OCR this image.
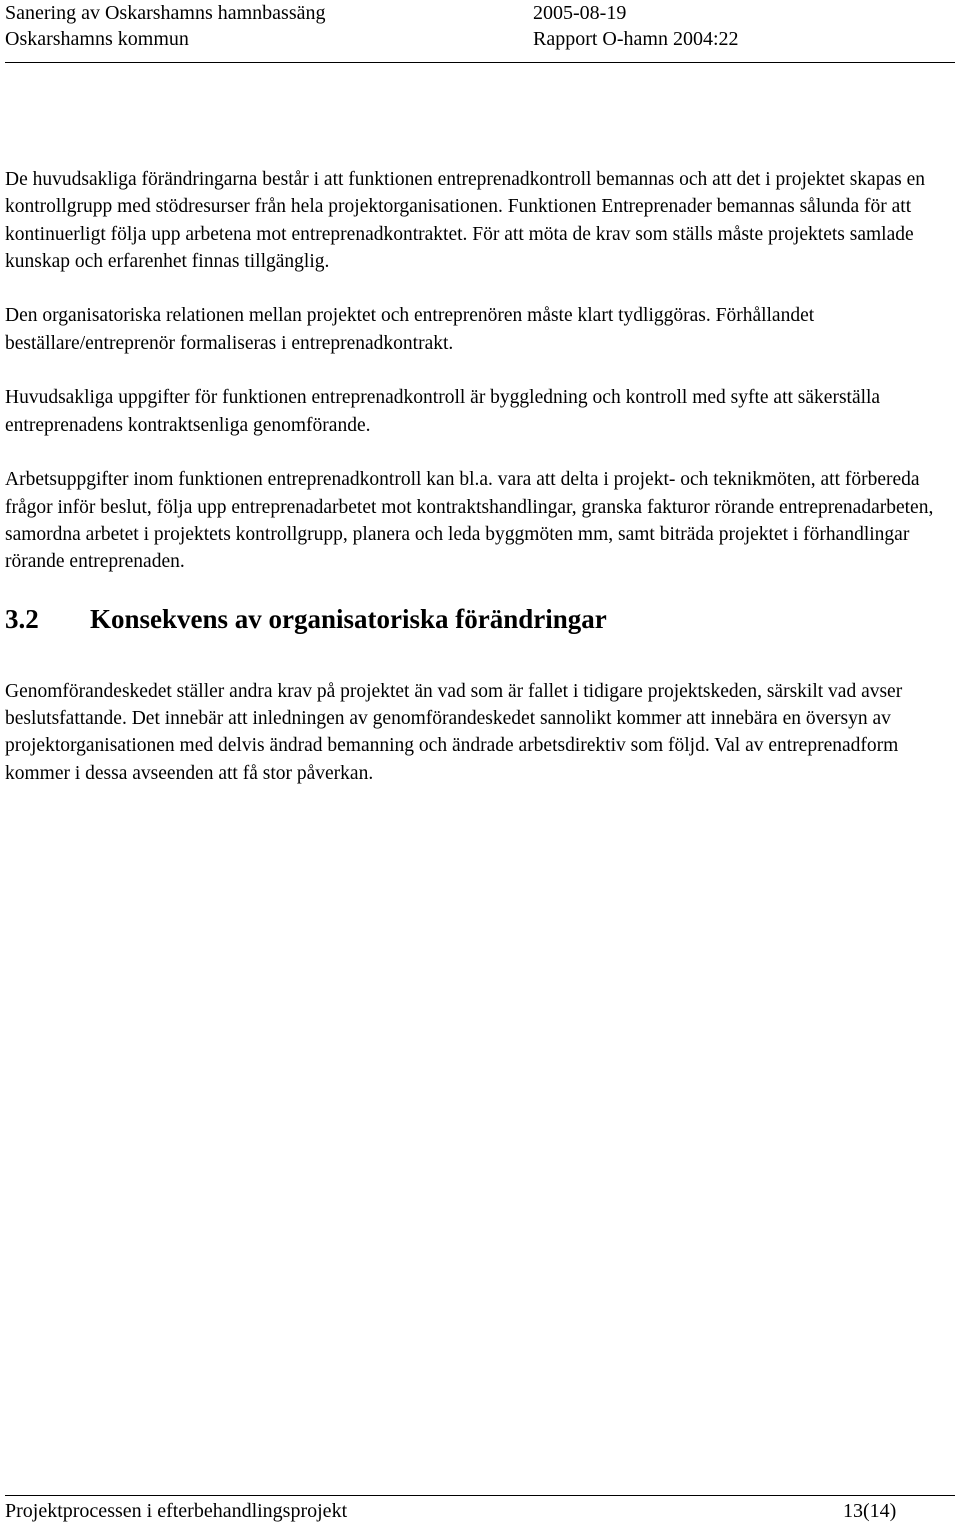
Sanering av Oskarshamns hamnbassäng	2005-08-19
Oskarshamns kommun	Rapport O-hamn 2004:22

De huvudsakliga förändringarna består i att funktionen entreprenadkontroll bemannas och att det i projektet skapas en kontrollgrupp med stödresurser från hela projektorganisationen. Funktionen Entreprenader bemannas sålunda för att kontinuerligt följa upp arbetena mot entreprenadkontraktet. För att möta de krav som ställs måste projektets samlade kunskap och erfarenhet finnas tillgänglig.

Den organisatoriska relationen mellan projektet och entreprenören måste klart tydliggöras. Förhållandet beställare/entreprenör formaliseras i entreprenadkontrakt.

Huvudsakliga uppgifter för funktionen entreprenadkontroll är byggledning och kontroll med syfte att säkerställa entreprenadens kontraktsenliga genomförande.

Arbetsuppgifter inom funktionen entreprenadkontroll kan bl.a. vara att delta i projekt- och teknikmöten, att förbereda frågor inför beslut, följa upp entreprenadarbetet mot kontraktshandlingar, granska fakturor rörande entreprenadarbeten, samordna arbetet i projektets kontrollgrupp, planera och leda byggmöten mm, samt biträda projektet i förhandlingar rörande entreprenaden.

3.2 Konsekvens av organisatoriska förändringar

Genomförandeskedet ställer andra krav på projektet än vad som är fallet i tidigare projektskeden, särskilt vad avser beslutsfattande. Det innebär att inledningen av genomförandeskedet sannolikt kommer att innebära en översyn av projektorganisationen med delvis ändrad bemanning och ändrade arbetsdirektiv som följd. Val av entreprenadform kommer i dessa avseenden att få stor påverkan.

Projektprocessen i efterbehandlingsprojekt	13(14)
